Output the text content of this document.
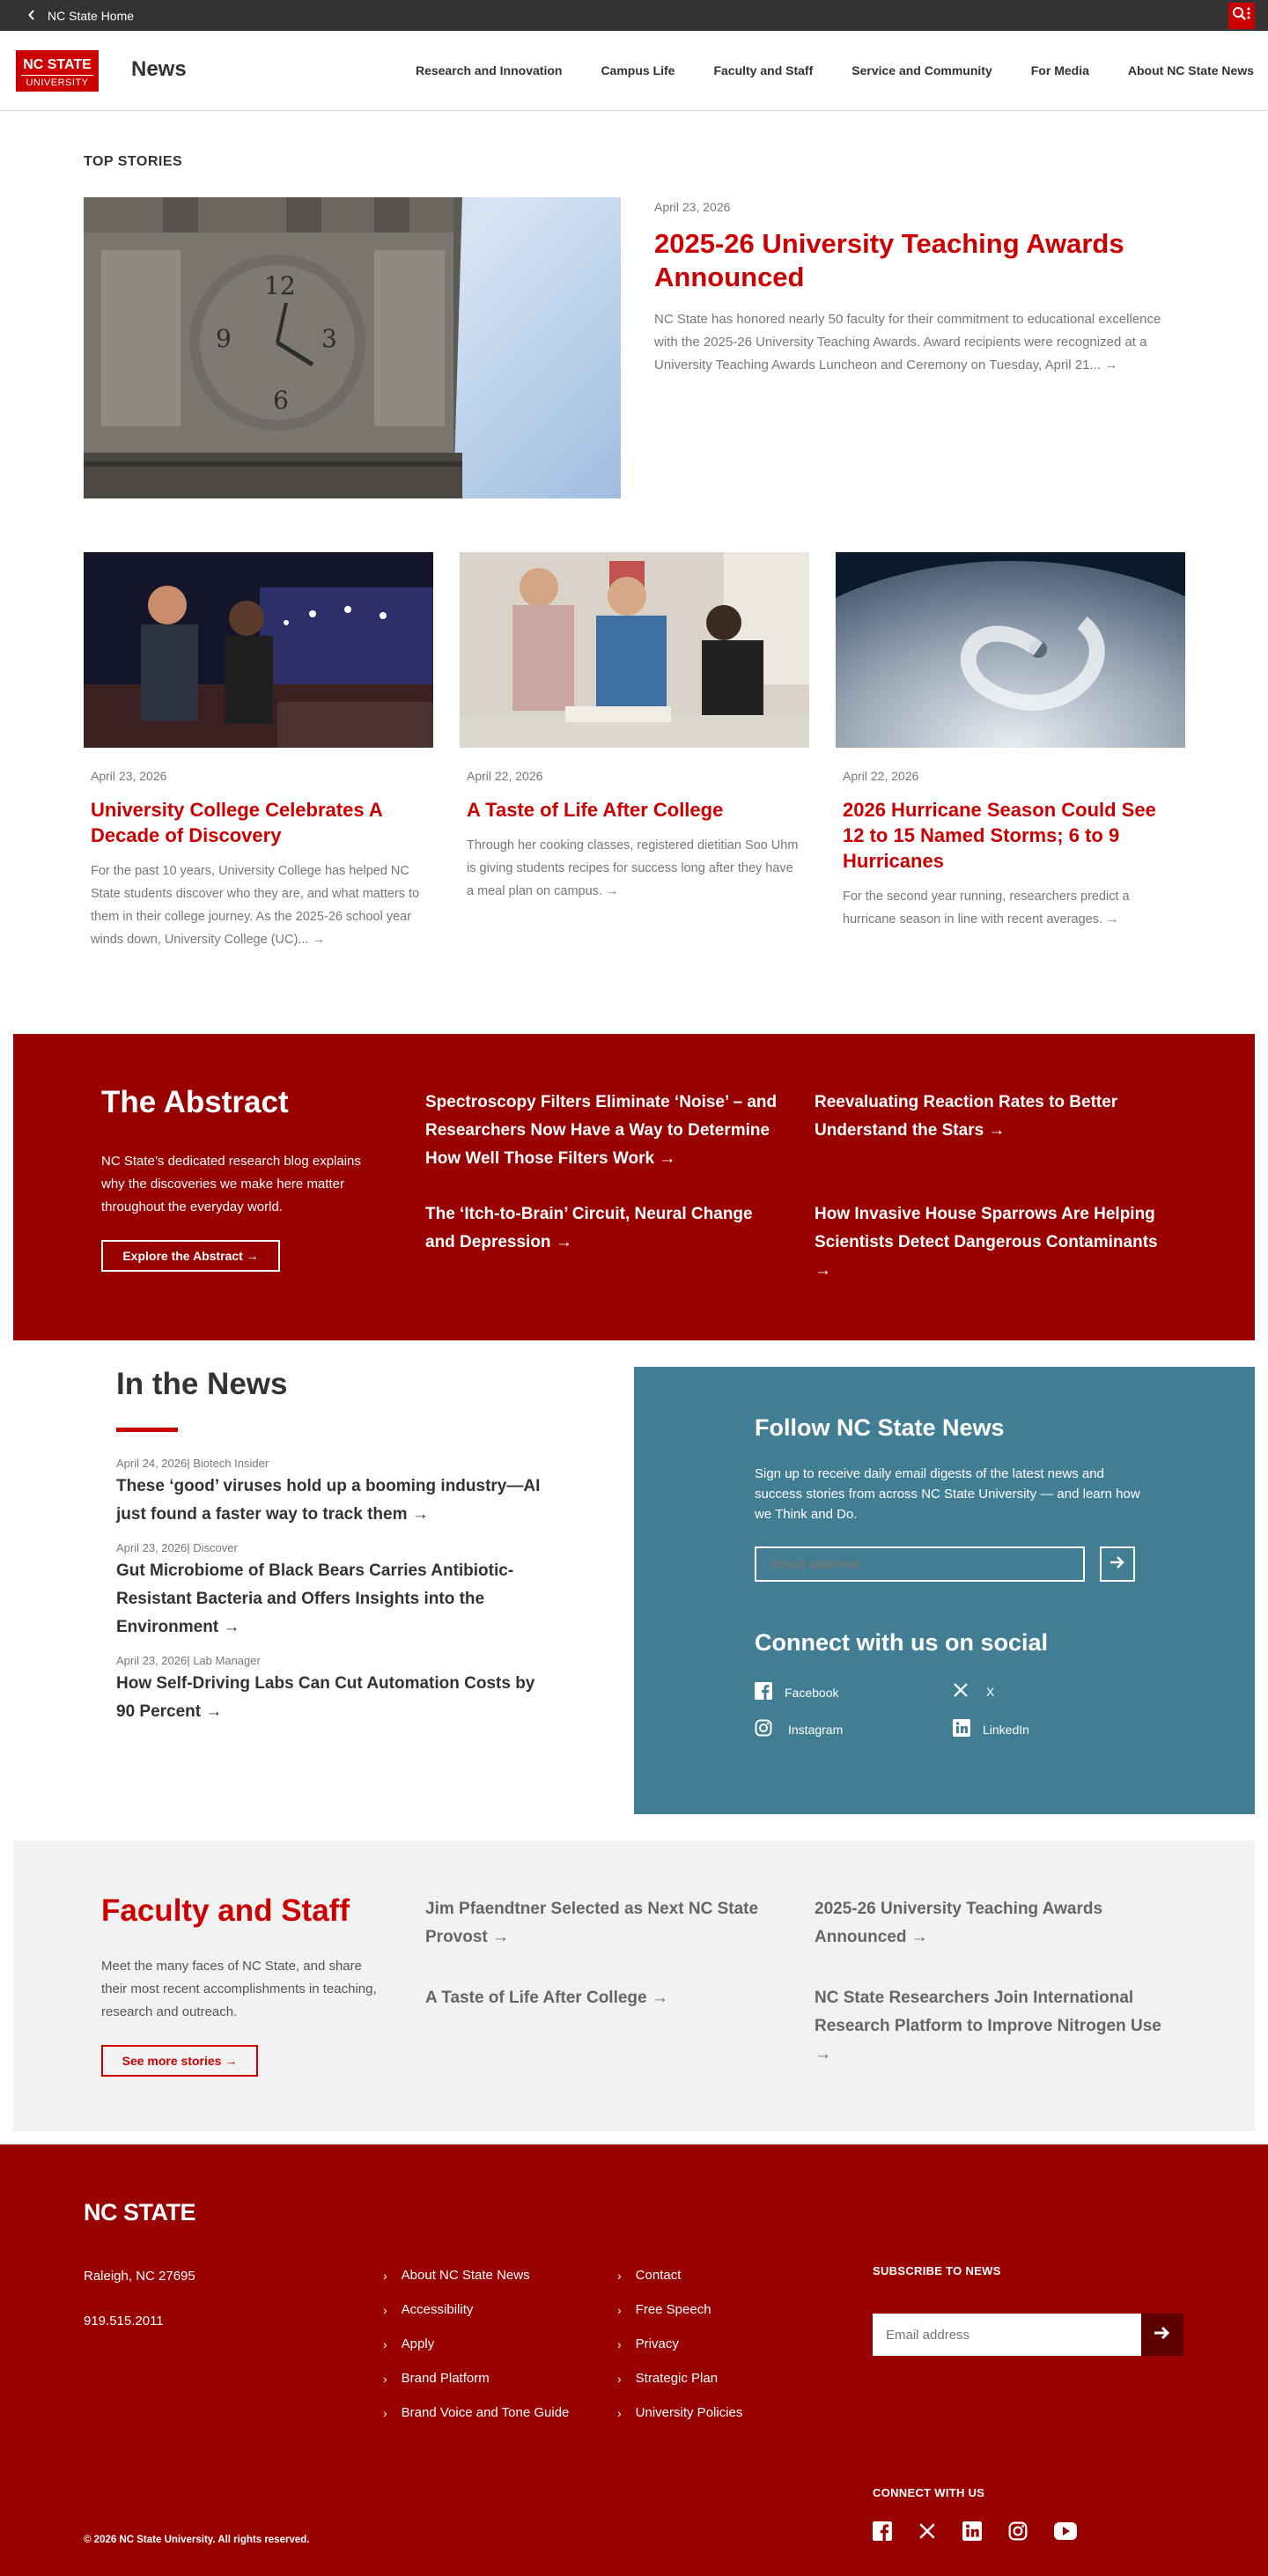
NC State Home
NC STATE
UNIVERSITY
News	Research and Innovation	Campus Life	Faculty and Staff	Service and Community	For Media	About NC State News
TOP STORIES
12
3
6
9
April 23, 2026
2025-26 University Teaching Awards Announced

NC State has honored nearly 50 faculty for their commitment to educational excellence with the 2025-26 University Teaching Awards. Award recipients were recognized at a University Teaching Awards Luncheon and Ceremony on Tuesday, April 21... →

April 23, 2026
University College Celebrates A Decade of Discovery

For the past 10 years, University College has helped NC State students discover who they are, and what matters to them in their college journey. As the 2025-26 school year winds down, University College (UC)... →

April 22, 2026
A Taste of Life After College

Through her cooking classes, registered dietitian Soo Uhm is giving students recipes for success long after they have a meal plan on campus. →

April 22, 2026
2026 Hurricane Season Could See 12 to 15 Named Storms; 6 to 9 Hurricanes

For the second year running, researchers predict a hurricane season in line with recent averages. →

The Abstract

NC State’s dedicated research blog explains why the discoveries we make here matter throughout the everyday world.

Explore the Abstract →
Spectroscopy Filters Eliminate ‘Noise’ – and Researchers Now Have a Way to Determine How Well Those Filters Work →
Reevaluating Reaction Rates to Better Understand the Stars →
The ‘Itch-to-Brain’ Circuit, Neural Change and Depression →
How Invasive House Sparrows Are Helping Scientists Detect Dangerous Contaminants →
In the News
April 24, 2026| Biotech Insider
These ‘good’ viruses hold up a booming industry—AI just found a faster way to track them →
April 23, 2026| Discover
Gut Microbiome of Black Bears Carries Antibiotic-Resistant Bacteria and Offers Insights into the Environment →
April 23, 2026| Lab Manager
How Self-Driving Labs Can Cut Automation Costs by 90 Percent →
Follow NC State News

Sign up to receive daily email digests of the latest news and success stories from across NC State University — and learn how we Think and Do.

Email address
Connect with us on social
Facebook	X
Instagram	LinkedIn
Faculty and Staff

Meet the many faces of NC State, and share their most recent accomplishments in teaching, research and outreach.

See more stories →
Jim Pfaendtner Selected as Next NC State Provost →
2025-26 University Teaching Awards Announced →
A Taste of Life After College →	NC State Researchers Join International Research Platform to Improve Nitrogen Use →
NC STATE
Raleigh, NC 27695
919.515.2011
› About NC State News
› Accessibility
› Apply
› Brand Platform
› Brand Voice and Tone Guide
› Contact
› Free Speech
› Privacy
› Strategic Plan
› University Policies
SUBSCRIBE TO NEWS
Email address
CONNECT WITH US
© 2026 NC State University. All rights reserved.
